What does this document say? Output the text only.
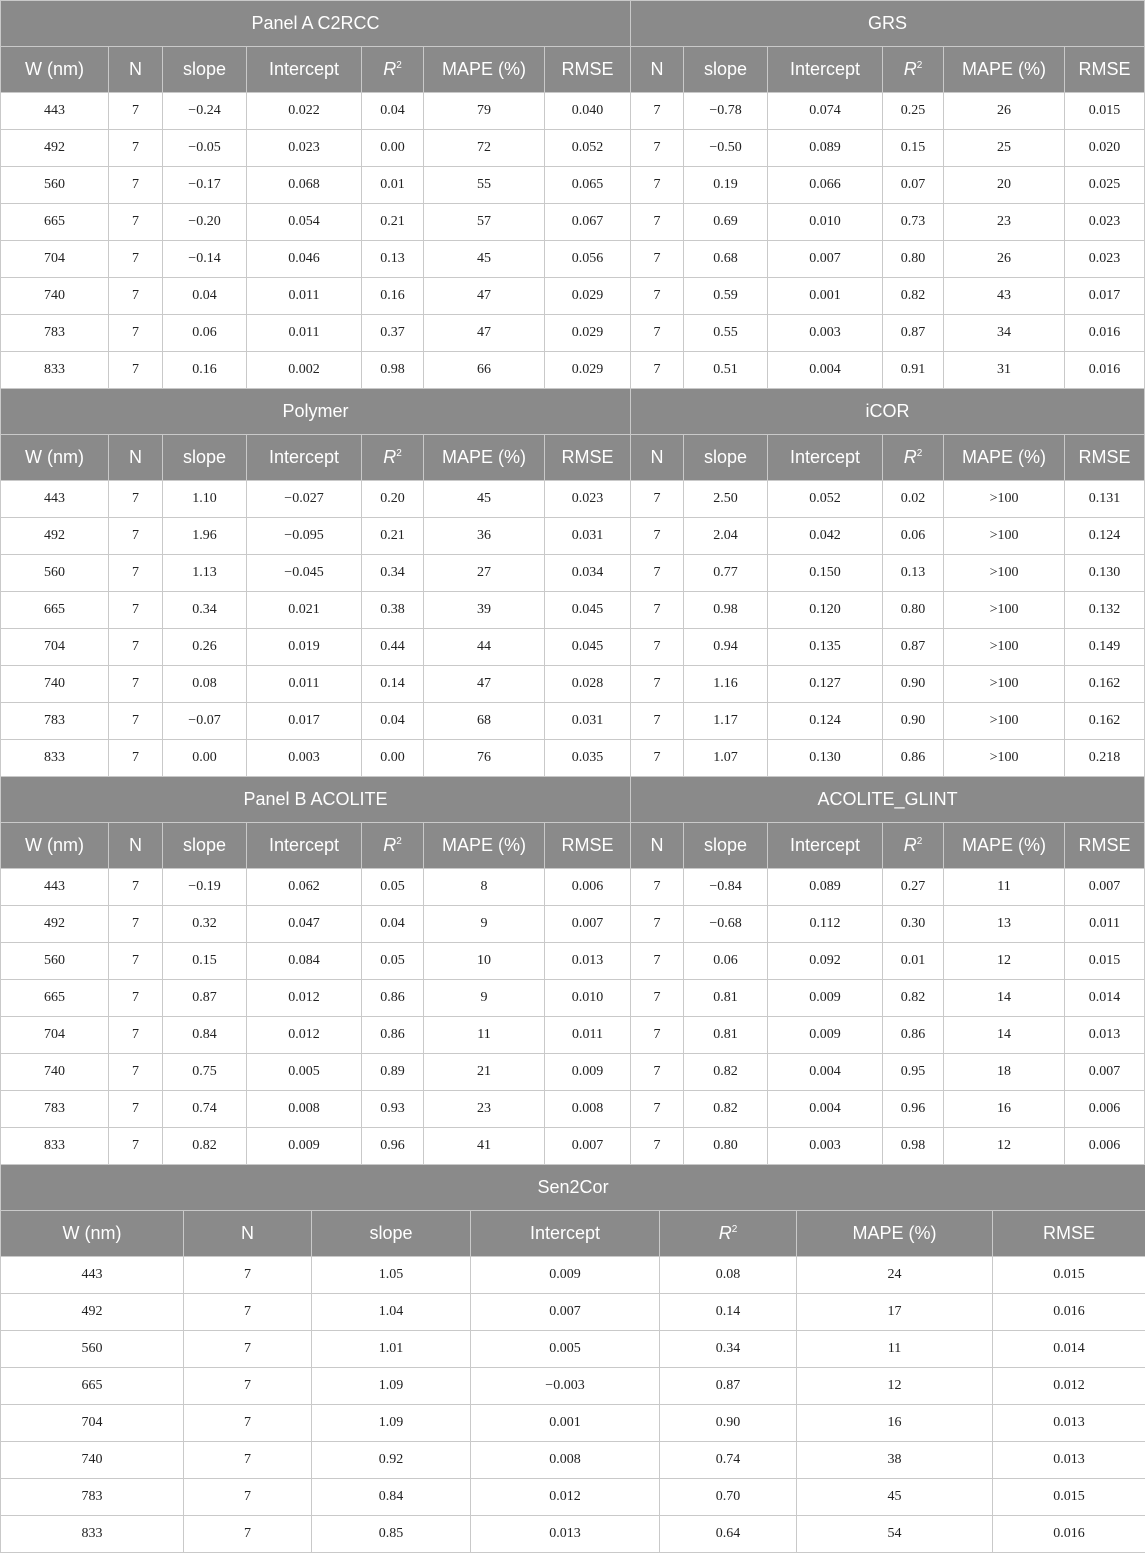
Panel A C2RCC							GRS					
W (nm)	N	slope	Intercept	$R^2$	MAPE (%)	RMSE	N	slope	Intercept	$R^2$	MAPE (%)	RMSE
443	7	−0.24	0.022	0.04	79	0.040	7	−0.78	0.074	0.25	26	0.015
492	7	−0.05	0.023	0.00	72	0.052	7	−0.50	0.089	0.15	25	0.020
560	7	−0.17	0.068	0.01	55	0.065	7	0.19	0.066	0.07	20	0.025
665	7	−0.20	0.054	0.21	57	0.067	7	0.69	0.010	0.73	23	0.023
704	7	−0.14	0.046	0.13	45	0.056	7	0.68	0.007	0.80	26	0.023
740	7	0.04	0.011	0.16	47	0.029	7	0.59	0.001	0.82	43	0.017
783	7	0.06	0.011	0.37	47	0.029	7	0.55	0.003	0.87	34	0.016
833	7	0.16	0.002	0.98	66	0.029	7	0.51	0.004	0.91	31	0.016
Polymer							iCOR					
W (nm)	N	slope	Intercept	$R^2$	MAPE (%)	RMSE	N	slope	Intercept	$R^2$	MAPE (%)	RMSE
443	7	1.10	−0.027	0.20	45	0.023	7	2.50	0.052	0.02	>100	0.131
492	7	1.96	−0.095	0.21	36	0.031	7	2.04	0.042	0.06	>100	0.124
560	7	1.13	−0.045	0.34	27	0.034	7	0.77	0.150	0.13	>100	0.130
665	7	0.34	0.021	0.38	39	0.045	7	0.98	0.120	0.80	>100	0.132
704	7	0.26	0.019	0.44	44	0.045	7	0.94	0.135	0.87	>100	0.149
740	7	0.08	0.011	0.14	47	0.028	7	1.16	0.127	0.90	>100	0.162
783	7	−0.07	0.017	0.04	68	0.031	7	1.17	0.124	0.90	>100	0.162
833	7	0.00	0.003	0.00	76	0.035	7	1.07	0.130	0.86	>100	0.218
Panel B ACOLITE							ACOLITE_GLINT					
W (nm)	N	slope	Intercept	$R^2$	MAPE (%)	RMSE	N	slope	Intercept	$R^2$	MAPE (%)	RMSE
443	7	−0.19	0.062	0.05	8	0.006	7	−0.84	0.089	0.27	11	0.007
492	7	0.32	0.047	0.04	9	0.007	7	−0.68	0.112	0.30	13	0.011
560	7	0.15	0.084	0.05	10	0.013	7	0.06	0.092	0.01	12	0.015
665	7	0.87	0.012	0.86	9	0.010	7	0.81	0.009	0.82	14	0.014
704	7	0.84	0.012	0.86	11	0.011	7	0.81	0.009	0.86	14	0.013
740	7	0.75	0.005	0.89	21	0.009	7	0.82	0.004	0.95	18	0.007
783	7	0.74	0.008	0.93	23	0.008	7	0.82	0.004	0.96	16	0.006
833	7	0.82	0.009	0.96	41	0.007	7	0.80	0.003	0.98	12	0.006
Sen2Cor						
W (nm)	N	slope	Intercept	$R^2$	MAPE (%)	RMSE
443	7	1.05	0.009	0.08	24	0.015
492	7	1.04	0.007	0.14	17	0.016
560	7	1.01	0.005	0.34	11	0.014
665	7	1.09	−0.003	0.87	12	0.012
704	7	1.09	0.001	0.90	16	0.013
740	7	0.92	0.008	0.74	38	0.013
783	7	0.84	0.012	0.70	45	0.015
833	7	0.85	0.013	0.64	54	0.016
